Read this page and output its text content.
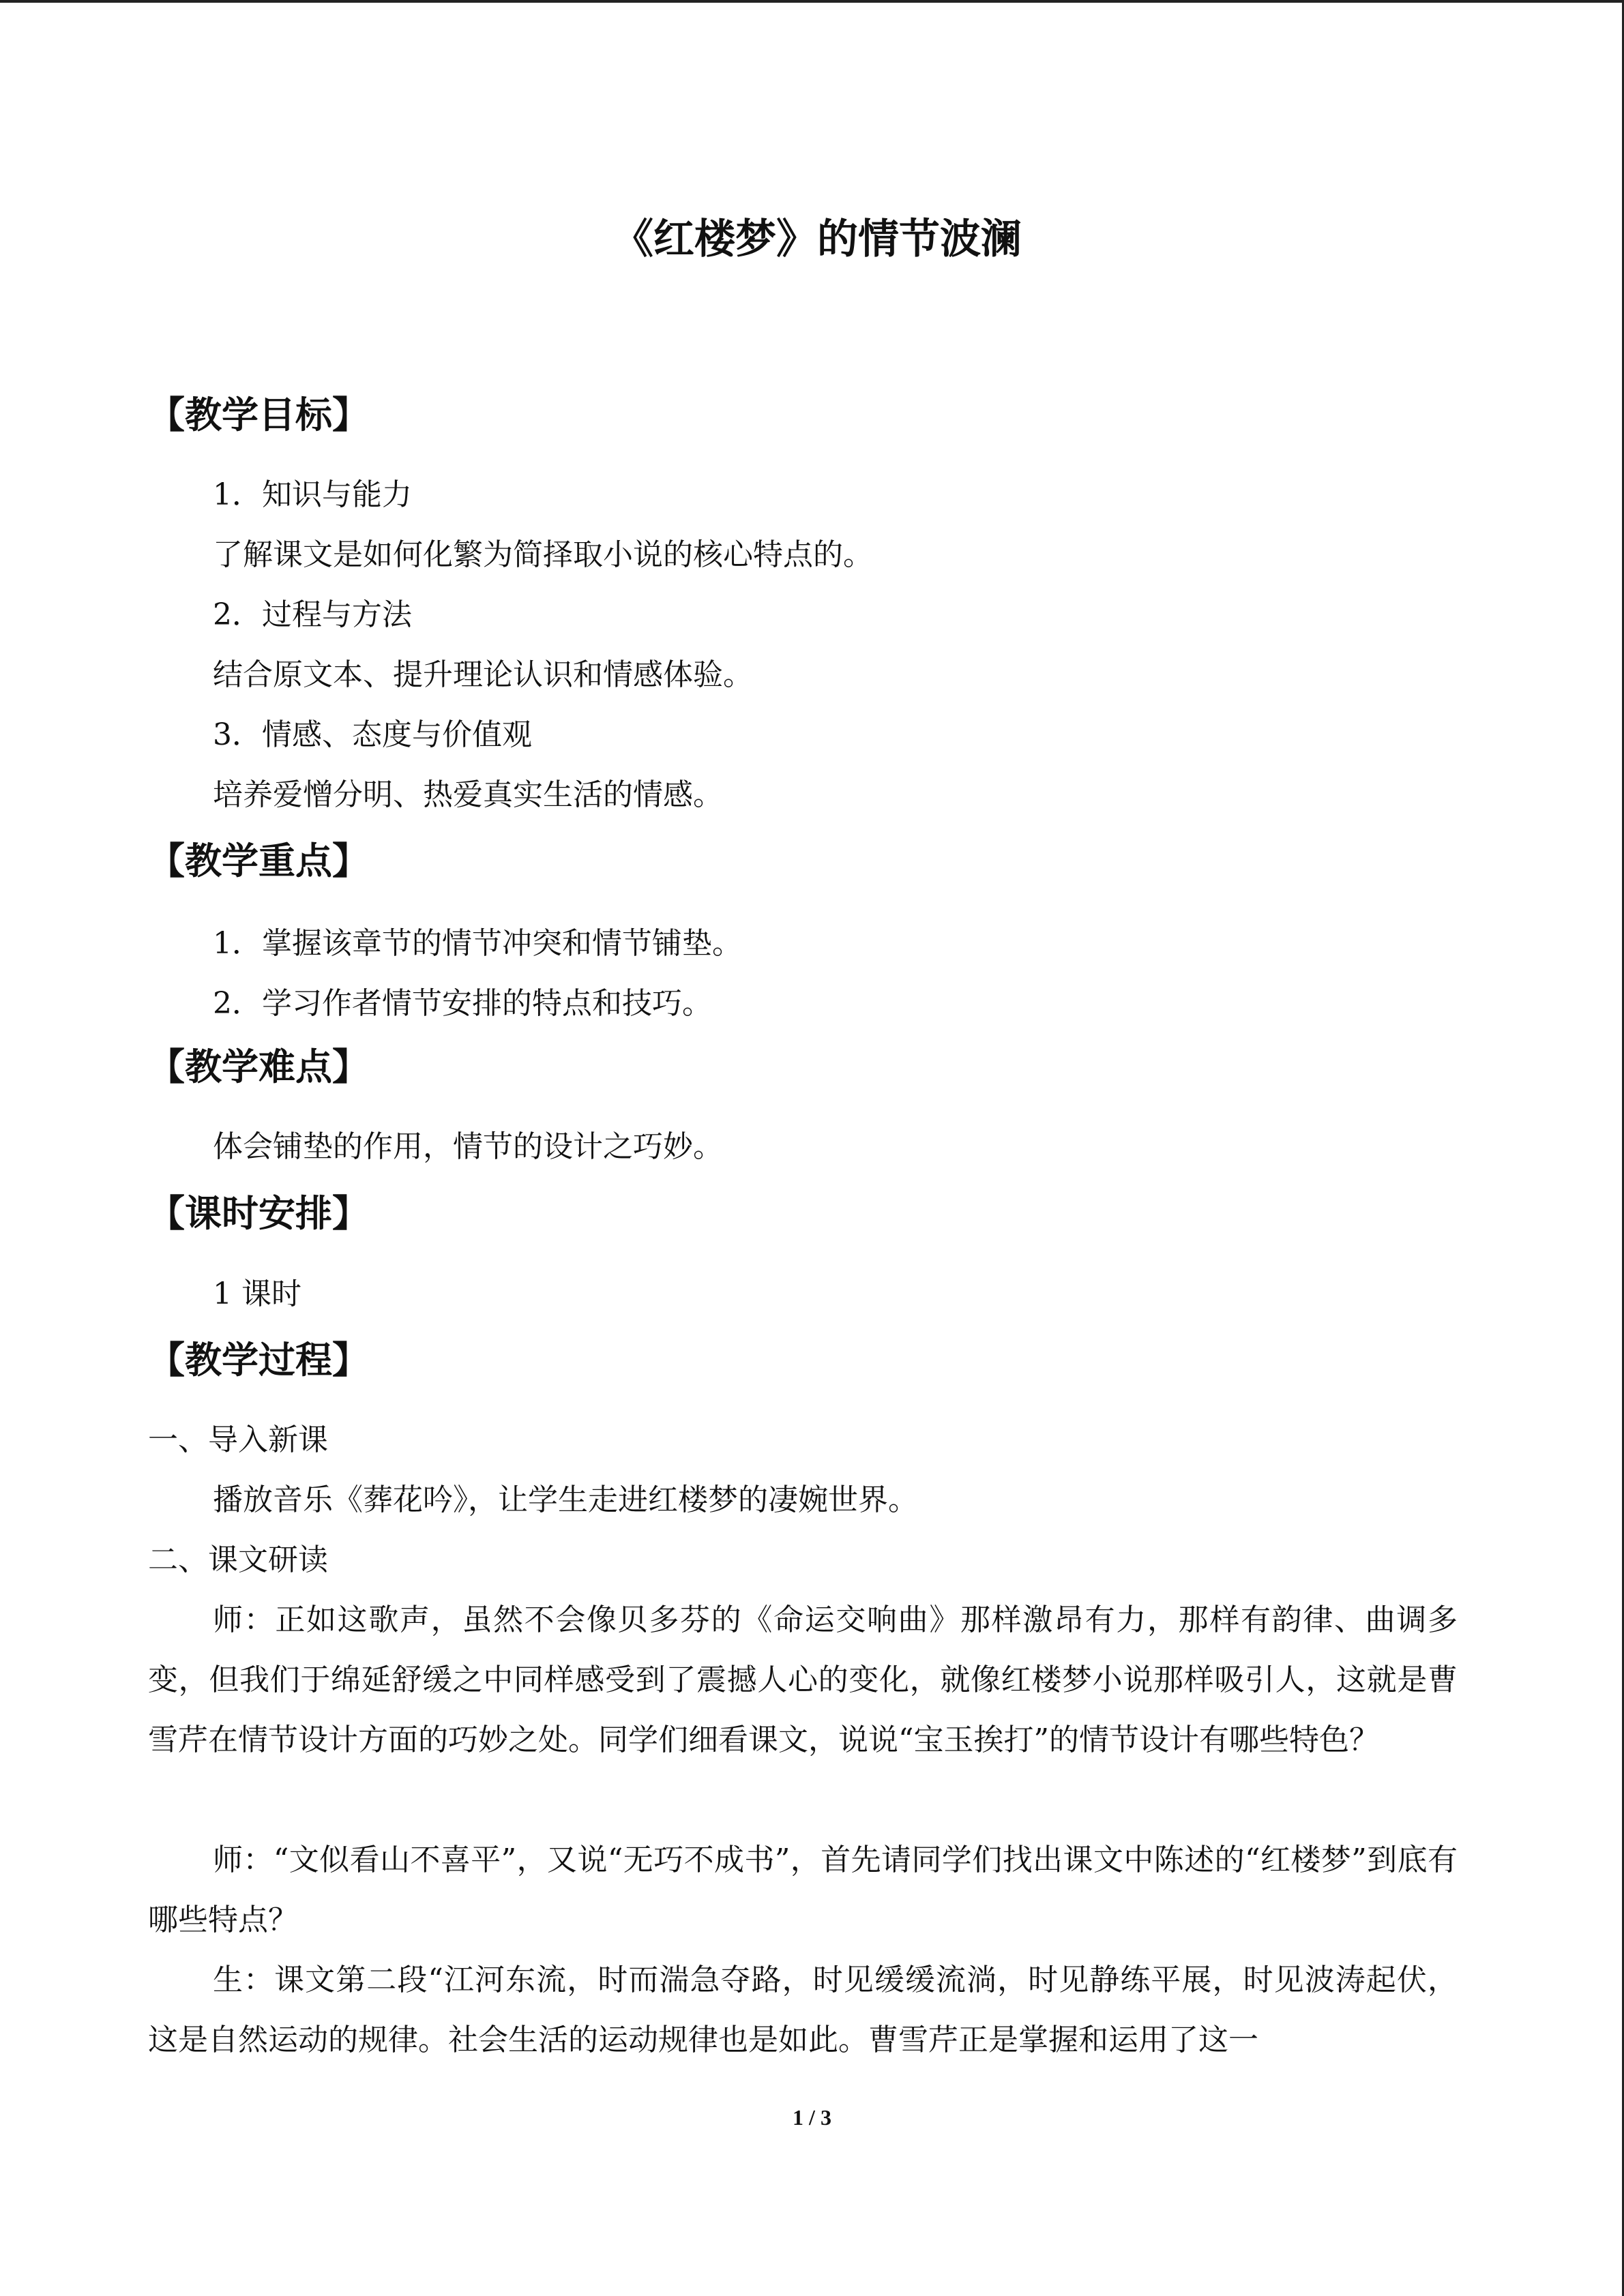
《红楼梦》的情节波澜
【教学目标】

1．知识与能力

了解课文是如何化繁为简择取小说的核心特点的。

2．过程与方法

结合原文本、提升理论认识和情感体验。

3．情感、态度与价值观

培养爱憎分明、热爱真实生活的情感。

【教学重点】

1．掌握该章节的情节冲突和情节铺垫。

2．学习作者情节安排的特点和技巧。

【教学难点】

体会铺垫的作用，情节的设计之巧妙。

【课时安排】

1 课时

【教学过程】

一、导入新课

播放音乐《葬花吟》，让学生走进红楼梦的凄婉世界。

二、课文研读

师：正如这歌声，虽然不会像贝多芬的《命运交响曲》那样激昂有力，那样有韵律、曲调多变，但我们于绵延舒缓之中同样感受到了震撼人心的变化，就像红楼梦小说那样吸引人，这就是曹雪芹在情节设计方面的巧妙之处。同学们细看课文，说说“宝玉挨打”的情节设计有哪些特色？

师：“文似看山不喜平”，又说“无巧不成书”，首先请同学们找出课文中陈述的“红楼梦”到底有哪些特点？

生：课文第二段“江河东流，时而湍急夺路，时见缓缓流淌，时见静练平展，时见波涛起伏，这是自然运动的规律。社会生活的运动规律也是如此。曹雪芹正是掌握和运用了这一

1 / 3
